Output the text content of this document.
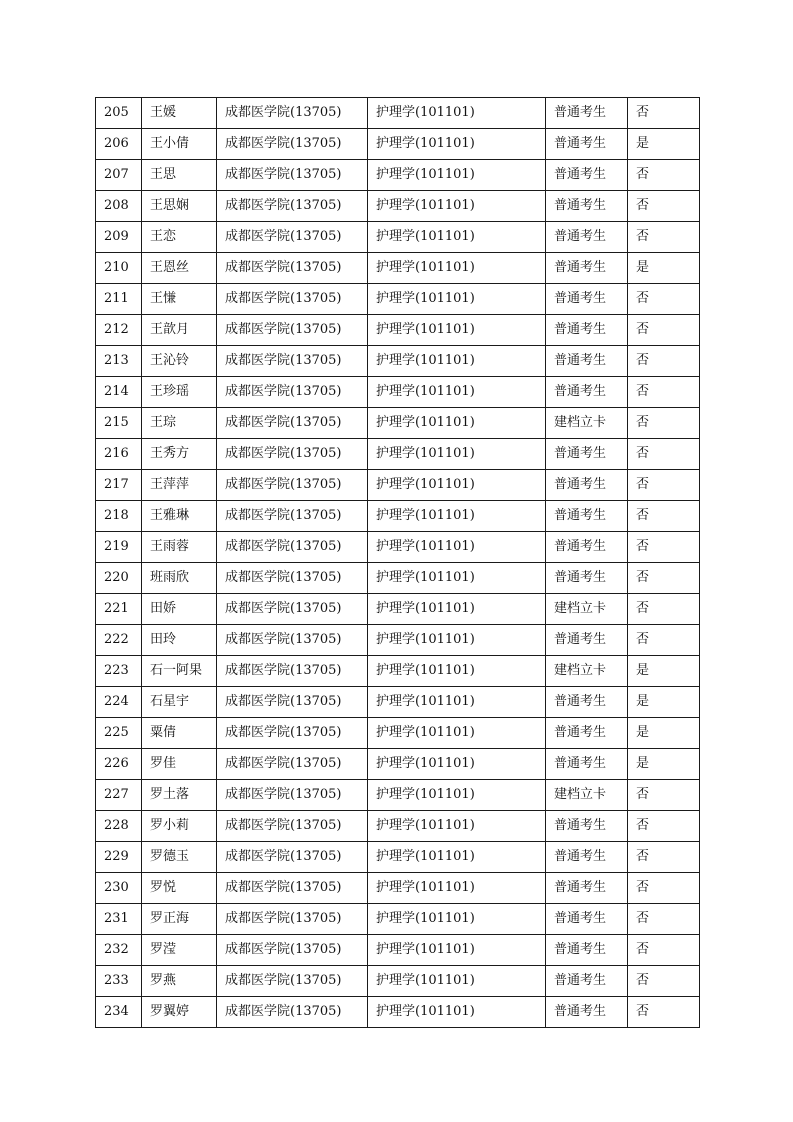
205	王媛	成都医学院(13705)	护理学(101101)	普通考生	否
206	王小倩	成都医学院(13705)	护理学(101101)	普通考生	是
207	王思	成都医学院(13705)	护理学(101101)	普通考生	否
208	王思娴	成都医学院(13705)	护理学(101101)	普通考生	否
209	王恋	成都医学院(13705)	护理学(101101)	普通考生	否
210	王恩丝	成都医学院(13705)	护理学(101101)	普通考生	是
211	王慊	成都医学院(13705)	护理学(101101)	普通考生	否
212	王歆月	成都医学院(13705)	护理学(101101)	普通考生	否
213	王沁铃	成都医学院(13705)	护理学(101101)	普通考生	否
214	王珍瑶	成都医学院(13705)	护理学(101101)	普通考生	否
215	王琮	成都医学院(13705)	护理学(101101)	建档立卡	否
216	王秀方	成都医学院(13705)	护理学(101101)	普通考生	否
217	王萍萍	成都医学院(13705)	护理学(101101)	普通考生	否
218	王雅琳	成都医学院(13705)	护理学(101101)	普通考生	否
219	王雨蓉	成都医学院(13705)	护理学(101101)	普通考生	否
220	班雨欣	成都医学院(13705)	护理学(101101)	普通考生	否
221	田娇	成都医学院(13705)	护理学(101101)	建档立卡	否
222	田玲	成都医学院(13705)	护理学(101101)	普通考生	否
223	石一阿果	成都医学院(13705)	护理学(101101)	建档立卡	是
224	石星宇	成都医学院(13705)	护理学(101101)	普通考生	是
225	粟倩	成都医学院(13705)	护理学(101101)	普通考生	是
226	罗佳	成都医学院(13705)	护理学(101101)	普通考生	是
227	罗土落	成都医学院(13705)	护理学(101101)	建档立卡	否
228	罗小莉	成都医学院(13705)	护理学(101101)	普通考生	否
229	罗德玉	成都医学院(13705)	护理学(101101)	普通考生	否
230	罗悦	成都医学院(13705)	护理学(101101)	普通考生	否
231	罗正海	成都医学院(13705)	护理学(101101)	普通考生	否
232	罗滢	成都医学院(13705)	护理学(101101)	普通考生	否
233	罗燕	成都医学院(13705)	护理学(101101)	普通考生	否
234	罗翼婷	成都医学院(13705)	护理学(101101)	普通考生	否
